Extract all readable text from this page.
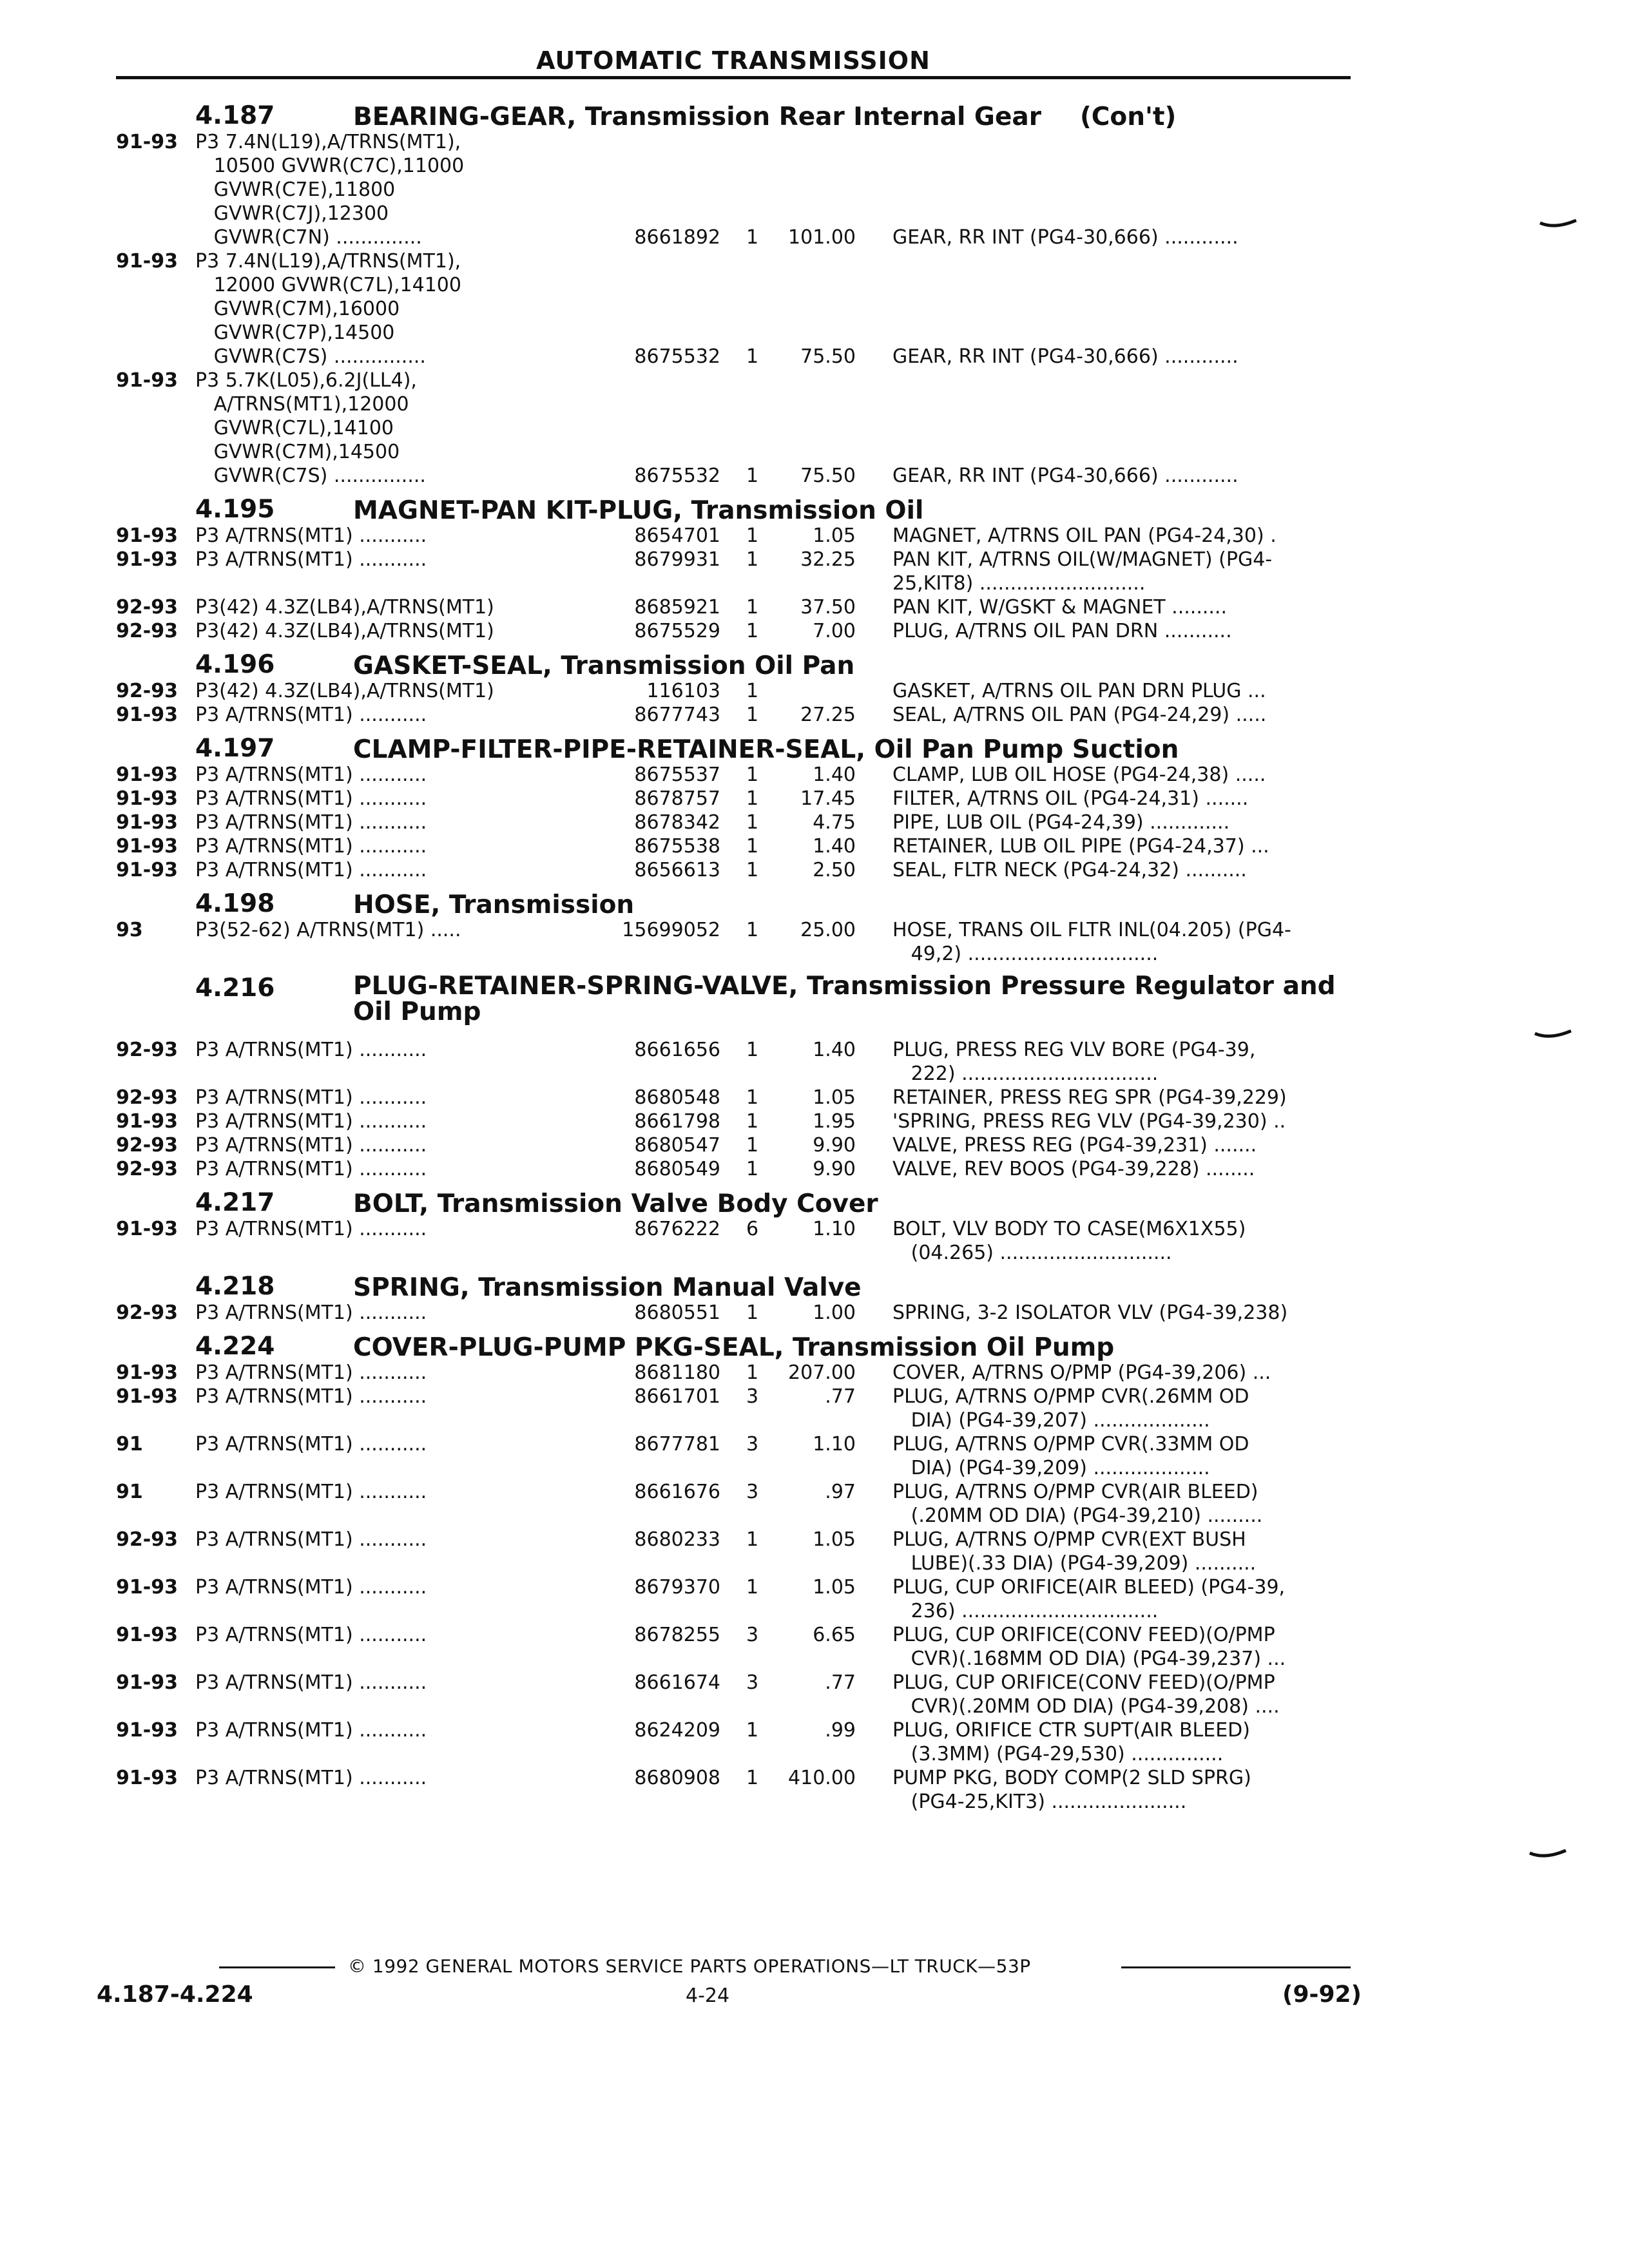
AUTOMATIC TRANSMISSION
4.187	BEARING-GEAR, Transmission Rear Internal Gear (Con't)
91-93 P3 7.4N(L19),A/TRNS(MT1),
10500 GVWR(C7C),11000
GVWR(C7E),11800
GVWR(C7J),12300
GVWR(C7N) ..............	8661892	1	101.00	GEAR, RR INT (PG4-30,666) ............
91-93 P3 7.4N(L19),A/TRNS(MT1),
12000 GVWR(C7L),14100
GVWR(C7M),16000
GVWR(C7P),14500
GVWR(C7S) ...............	8675532	1	75.50	GEAR, RR INT (PG4-30,666) ............
91-93 P3 5.7K(L05),6.2J(LL4),
A/TRNS(MT1),12000
GVWR(C7L),14100
GVWR(C7M),14500
GVWR(C7S) ...............	8675532	1	75.50	GEAR, RR INT (PG4-30,666) ............
4.195	MAGNET-PAN KIT-PLUG, Transmission Oil
91-93 P3 A/TRNS(MT1) ...........	8654701	1	1.05	MAGNET, A/TRNS OIL PAN (PG4-24,30) .
91-93 P3 A/TRNS(MT1) ...........	8679931	1	32.25	PAN KIT, A/TRNS OIL(W/MAGNET) (PG4-
25,KIT8) ...........................
92-93 P3(42) 4.3Z(LB4),A/TRNS(MT1)	8685921	1	37.50	PAN KIT, W/GSKT & MAGNET .........
92-93 P3(42) 4.3Z(LB4),A/TRNS(MT1)	8675529	1	7.00	PLUG, A/TRNS OIL PAN DRN ...........
4.196	GASKET-SEAL, Transmission Oil Pan
92-93 P3(42) 4.3Z(LB4),A/TRNS(MT1)	116103	1	GASKET, A/TRNS OIL PAN DRN PLUG ...
91-93 P3 A/TRNS(MT1) ...........	8677743	1	27.25	SEAL, A/TRNS OIL PAN (PG4-24,29) .....
4.197	CLAMP-FILTER-PIPE-RETAINER-SEAL, Oil Pan Pump Suction
91-93 P3 A/TRNS(MT1) ...........	8675537	1	1.40	CLAMP, LUB OIL HOSE (PG4-24,38) .....
91-93 P3 A/TRNS(MT1) ...........	8678757	1	17.45	FILTER, A/TRNS OIL (PG4-24,31) .......
91-93 P3 A/TRNS(MT1) ...........	8678342	1	4.75	PIPE, LUB OIL (PG4-24,39) .............
91-93 P3 A/TRNS(MT1) ...........	8675538	1	1.40	RETAINER, LUB OIL PIPE (PG4-24,37) ...
91-93 P3 A/TRNS(MT1) ...........	8656613	1	2.50	SEAL, FLTR NECK (PG4-24,32) ..........
4.198	HOSE, Transmission
93	P3(52-62) A/TRNS(MT1) .....	15699052	1	25.00	HOSE, TRANS OIL FLTR INL(04.205) (PG4-
49,2) ...............................
4.216	PLUG-RETAINER-SPRING-VALVE, Transmission Pressure Regulator and Oil Pump
92-93 P3 A/TRNS(MT1) ...........	8661656	1	1.40	PLUG, PRESS REG VLV BORE (PG4-39,
222) ................................
92-93 P3 A/TRNS(MT1) ...........	8680548	1	1.05	RETAINER, PRESS REG SPR (PG4-39,229)
91-93 P3 A/TRNS(MT1) ...........	8661798	1	1.95	'SPRING, PRESS REG VLV (PG4-39,230) ..
92-93 P3 A/TRNS(MT1) ...........	8680547	1	9.90	VALVE, PRESS REG (PG4-39,231) .......
92-93 P3 A/TRNS(MT1) ...........	8680549	1	9.90	VALVE, REV BOOS (PG4-39,228) ........
4.217	BOLT, Transmission Valve Body Cover
91-93 P3 A/TRNS(MT1) ...........	8676222	6	1.10	BOLT, VLV BODY TO CASE(M6X1X55)
(04.265) ............................
4.218	SPRING, Transmission Manual Valve
92-93 P3 A/TRNS(MT1) ...........	8680551	1	1.00	SPRING, 3-2 ISOLATOR VLV (PG4-39,238)
4.224	COVER-PLUG-PUMP PKG-SEAL, Transmission Oil Pump
91-93 P3 A/TRNS(MT1) ...........	8681180	1	207.00	COVER, A/TRNS O/PMP (PG4-39,206) ...
91-93 P3 A/TRNS(MT1) ...........	8661701	3	.77	PLUG, A/TRNS O/PMP CVR(.26MM OD
DIA) (PG4-39,207) ...................
91	P3 A/TRNS(MT1) ...........	8677781	3	1.10	PLUG, A/TRNS O/PMP CVR(.33MM OD
DIA) (PG4-39,209) ...................
91	P3 A/TRNS(MT1) ...........	8661676	3	.97	PLUG, A/TRNS O/PMP CVR(AIR BLEED)
(.20MM OD DIA) (PG4-39,210) .........
92-93 P3 A/TRNS(MT1) ...........	8680233	1	1.05	PLUG, A/TRNS O/PMP CVR(EXT BUSH
LUBE)(.33 DIA) (PG4-39,209) ..........
91-93 P3 A/TRNS(MT1) ...........	8679370	1	1.05	PLUG, CUP ORIFICE(AIR BLEED) (PG4-39,
236) ................................
91-93 P3 A/TRNS(MT1) ...........	8678255	3	6.65	PLUG, CUP ORIFICE(CONV FEED)(O/PMP
CVR)(.168MM OD DIA) (PG4-39,237) ...
91-93 P3 A/TRNS(MT1) ...........	8661674	3	.77	PLUG, CUP ORIFICE(CONV FEED)(O/PMP
CVR)(.20MM OD DIA) (PG4-39,208) ....
91-93 P3 A/TRNS(MT1) ...........	8624209	1	.99	PLUG, ORIFICE CTR SUPT(AIR BLEED)
(3.3MM) (PG4-29,530) ...............
91-93 P3 A/TRNS(MT1) ...........	8680908	1	410.00	PUMP PKG, BODY COMP(2 SLD SPRG)
(PG4-25,KIT3) ......................
© 1992 GENERAL MOTORS SERVICE PARTS OPERATIONS—LT TRUCK—53P
4.187-4.224	4-24	(9-92)
